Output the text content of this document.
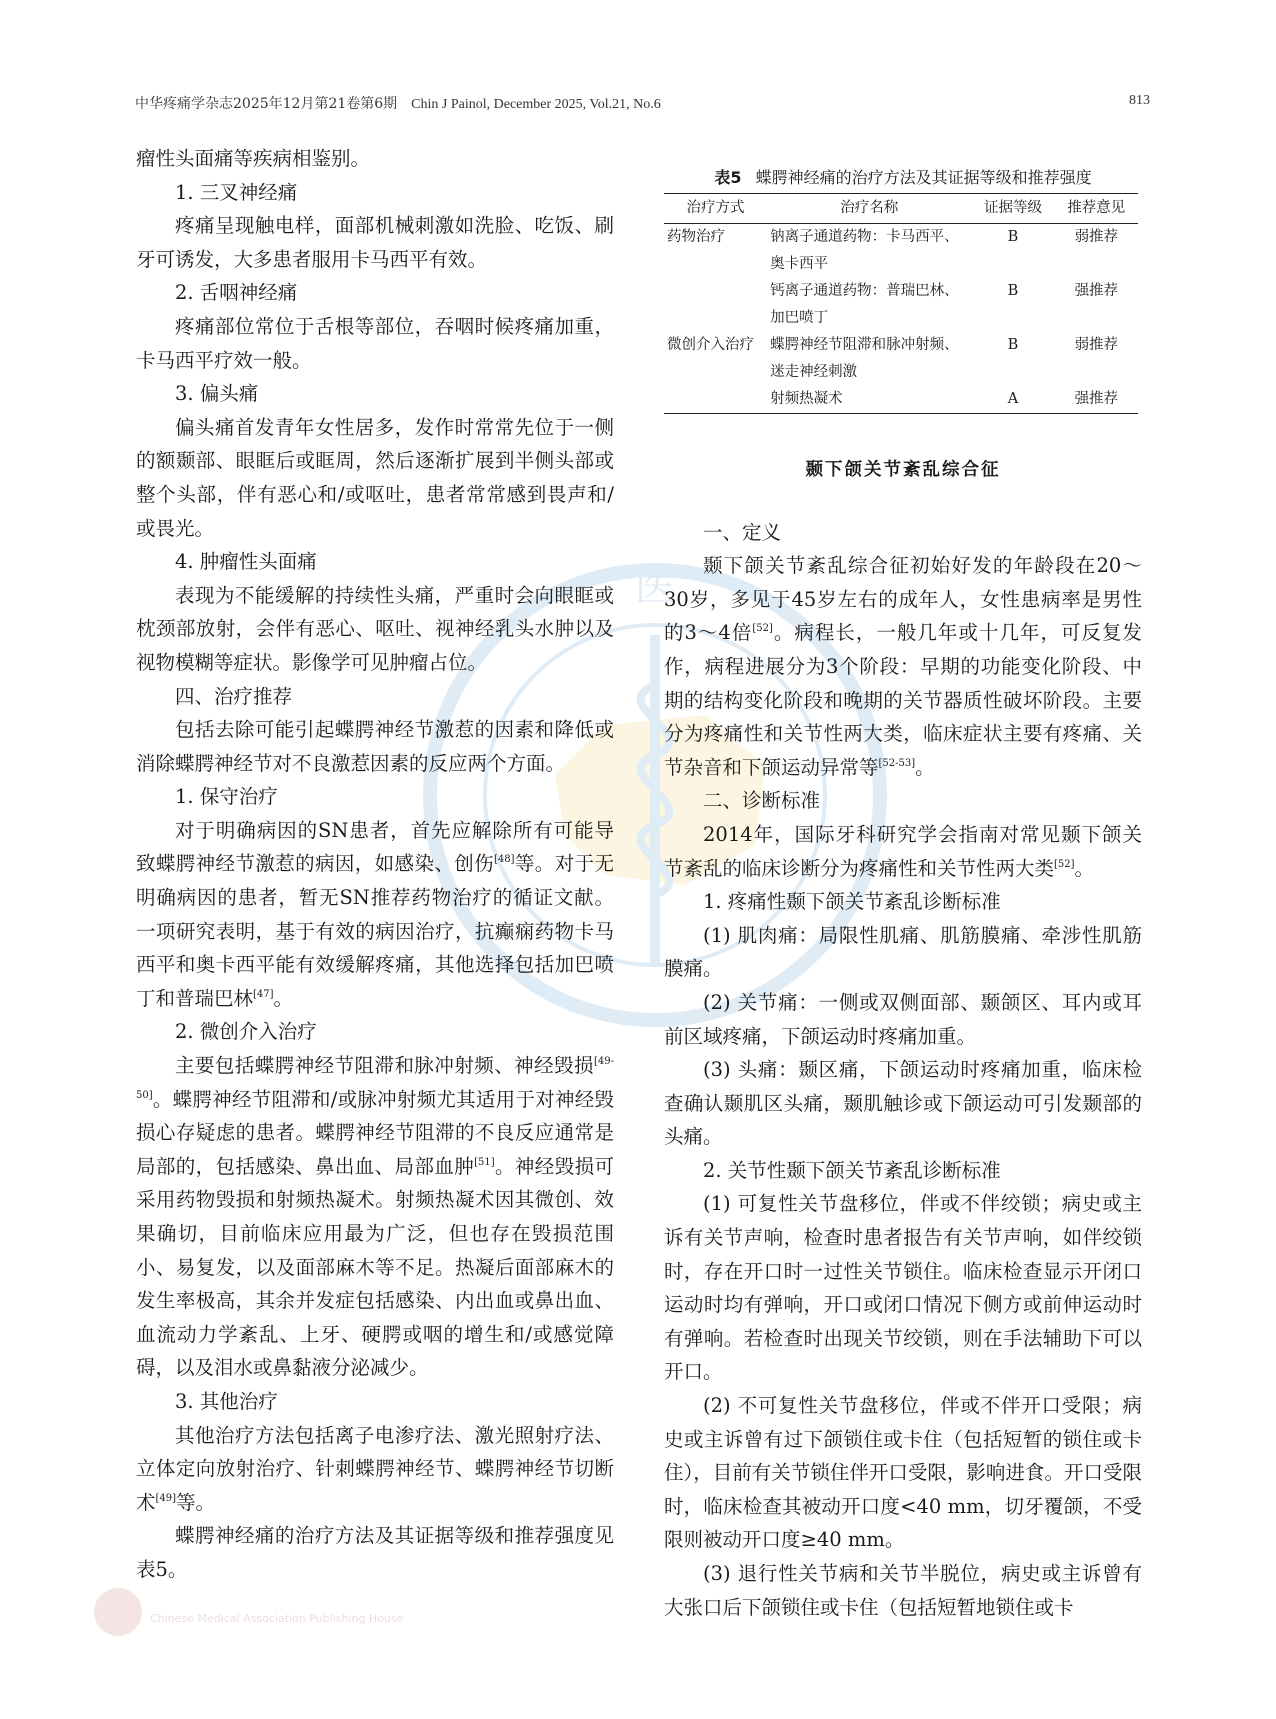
医
Chinese Medical Association Publishing House
中华疼痛学杂志2025年12月第21卷第6期 Chin J Painol, December 2025, Vol.21, No.6	813

瘤性头面痛等疾病相鉴别。

1. 三叉神经痛

疼痛呈现触电样，面部机械刺激如洗脸、吃饭、刷牙可诱发，大多患者服用卡马西平有效。

2. 舌咽神经痛

疼痛部位常位于舌根等部位，吞咽时候疼痛加重，卡马西平疗效一般。

3. 偏头痛

偏头痛首发青年女性居多，发作时常常先位于一侧的额颞部、眼眶后或眶周，然后逐渐扩展到半侧头部或整个头部，伴有恶心和/或呕吐，患者常常感到畏声和/或畏光。

4. 肿瘤性头面痛

表现为不能缓解的持续性头痛，严重时会向眼眶或枕颈部放射，会伴有恶心、呕吐、视神经乳头水肿以及视物模糊等症状。影像学可见肿瘤占位。

四、治疗推荐

包括去除可能引起蝶腭神经节激惹的因素和降低或消除蝶腭神经节对不良激惹因素的反应两个方面。

1. 保守治疗

对于明确病因的SN患者，首先应解除所有可能导致蝶腭神经节激惹的病因，如感染、创伤[48]等。对于无明确病因的患者，暂无SN推荐药物治疗的循证文献。一项研究表明，基于有效的病因治疗，抗癫痫药物卡马西平和奥卡西平能有效缓解疼痛，其他选择包括加巴喷丁和普瑞巴林[47]。

2. 微创介入治疗

主要包括蝶腭神经节阻滞和脉冲射频、神经毁损[49-50]。蝶腭神经节阻滞和/或脉冲射频尤其适用于对神经毁损心存疑虑的患者。蝶腭神经节阻滞的不良反应通常是局部的，包括感染、鼻出血、局部血肿[51]。神经毁损可采用药物毁损和射频热凝术。射频热凝术因其微创、效果确切，目前临床应用最为广泛，但也存在毁损范围小、易复发，以及面部麻木等不足。热凝后面部麻木的发生率极高，其余并发症包括感染、内出血或鼻出血、血流动力学紊乱、上牙、硬腭或咽的增生和/或感觉障碍，以及泪水或鼻黏液分泌减少。

3. 其他治疗

其他治疗方法包括离子电渗疗法、激光照射疗法、立体定向放射治疗、针刺蝶腭神经节、蝶腭神经节切断术[49]等。

蝶腭神经痛的治疗方法及其证据等级和推荐强度见表5。

表5 蝶腭神经痛的治疗方法及其证据等级和推荐强度

治疗方式	治疗名称	证据等级	推荐意见
药物治疗	钠离子通道药物：卡马西平、奥卡西平	B	弱推荐
	钙离子通道药物：普瑞巴林、加巴喷丁	B	强推荐
微创介入治疗	蝶腭神经节阻滞和脉冲射频、迷走神经刺激	B	弱推荐
	射频热凝术	A	强推荐

颞下颌关节紊乱综合征

一、定义

颞下颌关节紊乱综合征初始好发的年龄段在20～30岁，多见于45岁左右的成年人，女性患病率是男性的3～4倍[52]。病程长，一般几年或十几年，可反复发作，病程进展分为3个阶段：早期的功能变化阶段、中期的结构变化阶段和晚期的关节器质性破坏阶段。主要分为疼痛性和关节性两大类，临床症状主要有疼痛、关节杂音和下颌运动异常等[52-53]。

二、诊断标准

2014年，国际牙科研究学会指南对常见颞下颌关节紊乱的临床诊断分为疼痛性和关节性两大类[52]。

1. 疼痛性颞下颌关节紊乱诊断标准

(1) 肌肉痛：局限性肌痛、肌筋膜痛、牵涉性肌筋膜痛。

(2) 关节痛：一侧或双侧面部、颞颌区、耳内或耳前区域疼痛，下颌运动时疼痛加重。

(3) 头痛：颞区痛，下颌运动时疼痛加重，临床检查确认颞肌区头痛，颞肌触诊或下颌运动可引发颞部的头痛。

2. 关节性颞下颌关节紊乱诊断标准

(1) 可复性关节盘移位，伴或不伴绞锁；病史或主诉有关节声响，检查时患者报告有关节声响，如伴绞锁时，存在开口时一过性关节锁住。临床检查显示开闭口运动时均有弹响，开口或闭口情况下侧方或前伸运动时有弹响。若检查时出现关节绞锁，则在手法辅助下可以开口。

(2) 不可复性关节盘移位，伴或不伴开口受限；病史或主诉曾有过下颌锁住或卡住（包括短暂的锁住或卡住），目前有关节锁住伴开口受限，影响进食。开口受限时，临床检查其被动开口度<40 mm，切牙覆颌，不受限则被动开口度≥40 mm。

(3) 退行性关节病和关节半脱位，病史或主诉曾有大张口后下颌锁住或卡住（包括短暂地锁住或卡
